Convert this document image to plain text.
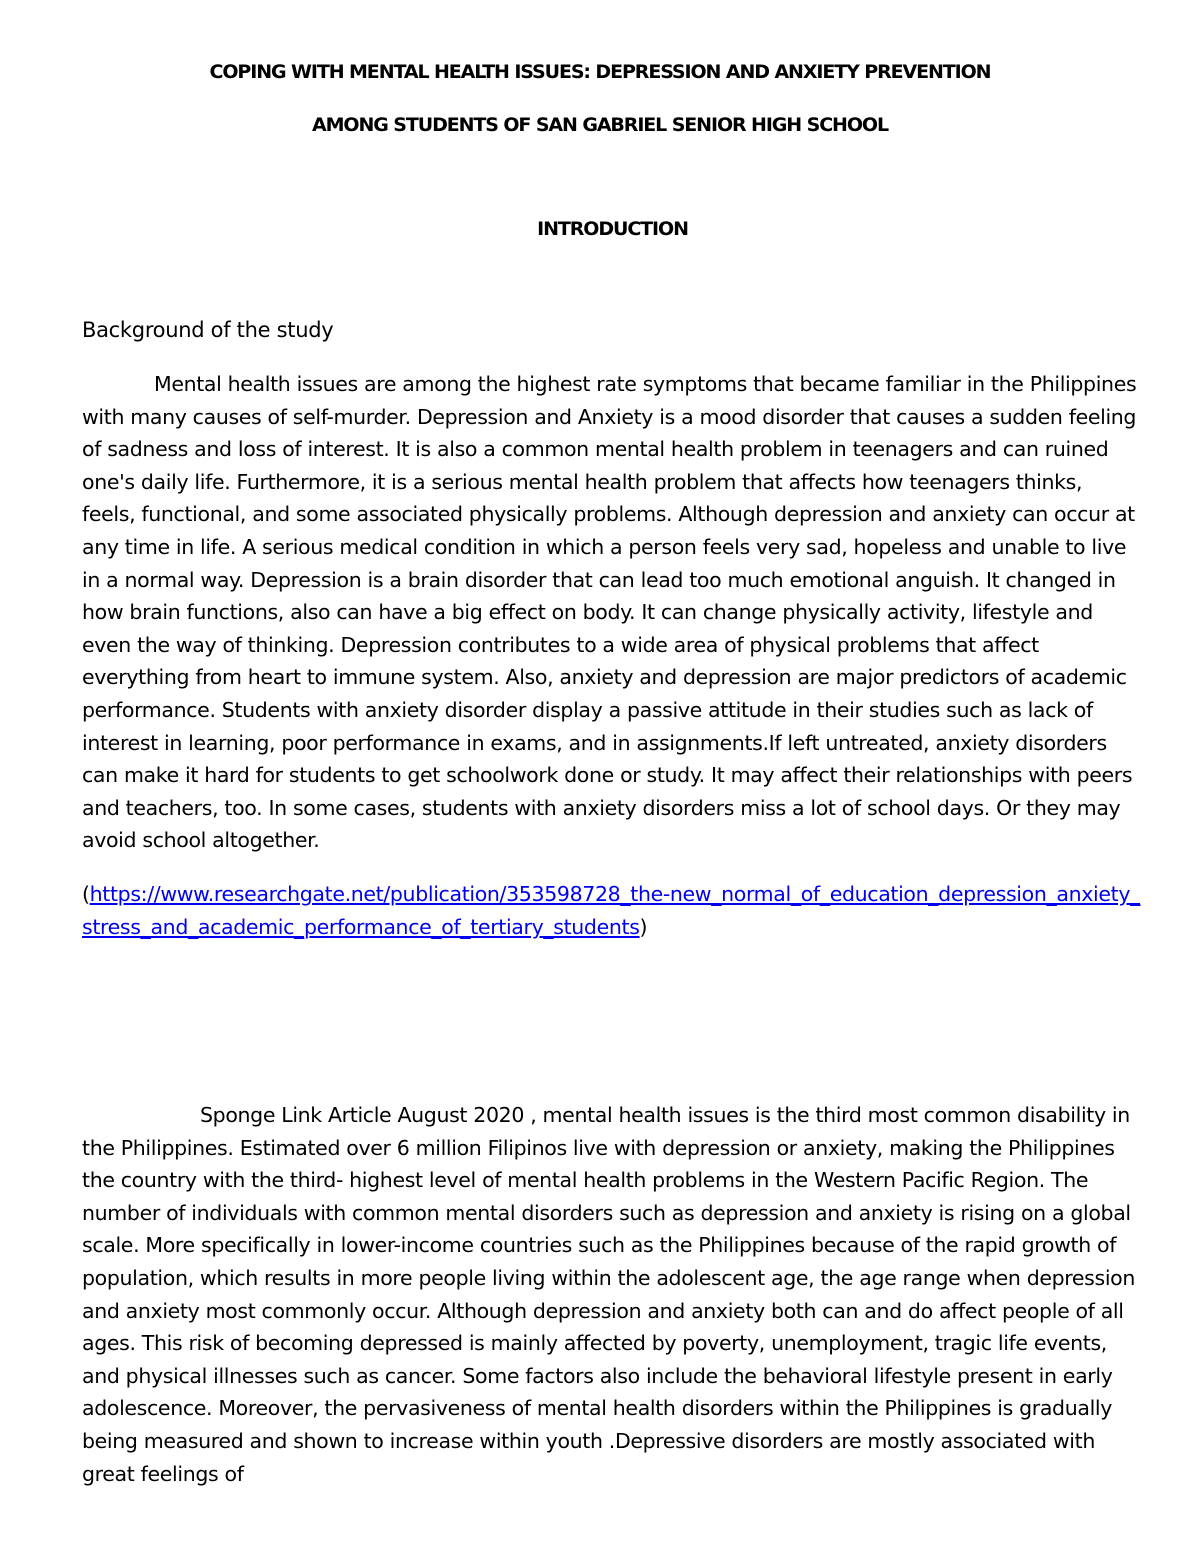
COPING WITH MENTAL HEALTH ISSUES: DEPRESSION AND ANXIETY PREVENTION
AMONG STUDENTS OF SAN GABRIEL SENIOR HIGH SCHOOL
INTRODUCTION
Background of the study
Mental health issues are among the highest rate symptoms that became familiar in the Philippines with many causes of self-murder. Depression and Anxiety is a mood disorder that causes a sudden feeling of sadness and loss of interest. It is also a common mental health problem in teenagers and can ruined one's daily life. Furthermore, it is a serious mental health problem that affects how teenagers thinks, feels, functional, and some associated physically problems. Although depression and anxiety can occur at any time in life. A serious medical condition in which a person feels very sad, hopeless and unable to live in a normal way. Depression is a brain disorder that can lead too much emotional anguish. It changed in how brain functions, also can have a big effect on body. It can change physically activity, lifestyle and even the way of thinking. Depression contributes to a wide area of physical problems that affect everything from heart to immune system. Also, anxiety and depression are major predictors of academic performance. Students with anxiety disorder display a passive attitude in their studies such as lack of interest in learning, poor performance in exams, and in assignments.If left untreated, anxiety disorders can make it hard for students to get schoolwork done or study. It may affect their relationships with peers and teachers, too. In some cases, students with anxiety disorders miss a lot of school days. Or they may avoid school altogether.
(https://www.researchgate.net/publication/353598728_the-new_normal_of_education_depression_anxiety_stress_and_academic_performance_of_tertiary_students)
Sponge Link Article August 2020 , mental health issues is the third most common disability in the Philippines. Estimated over 6 million Filipinos live with depression or anxiety, making the Philippines the country with the third- highest level of mental health problems in the Western Pacific Region. The number of individuals with common mental disorders such as depression and anxiety is rising on a global scale. More specifically in lower-income countries such as the Philippines because of the rapid growth of population, which results in more people living within the adolescent age, the age range when depression and anxiety most commonly occur. Although depression and anxiety both can and do affect people of all ages. This risk of becoming depressed is mainly affected by poverty, unemployment, tragic life events, and physical illnesses such as cancer. Some factors also include the behavioral lifestyle present in early adolescence. Moreover, the pervasiveness of mental health disorders within the Philippines is gradually being measured and shown to increase within youth .Depressive disorders are mostly associated with great feelings of
